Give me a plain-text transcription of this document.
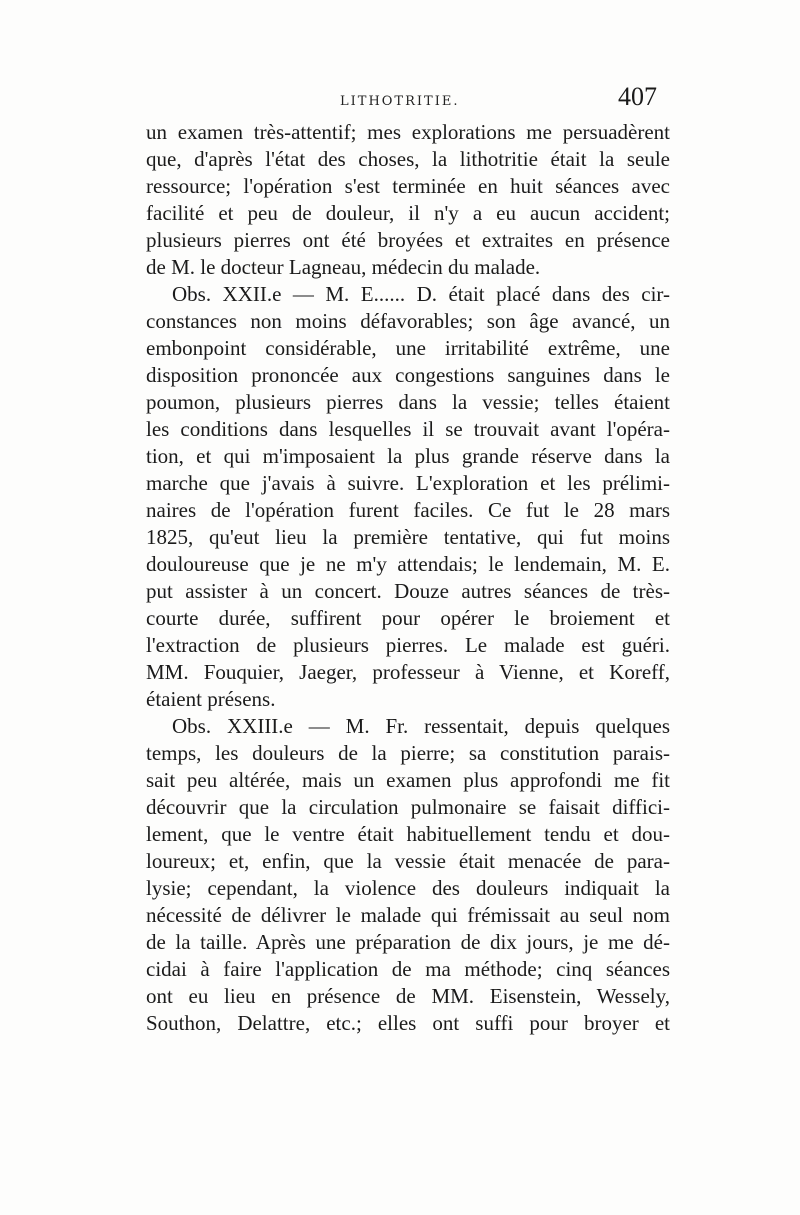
LITHOTRITIE.	407
un examen très-attentif; mes explorations me persuadèrent
que, d'après l'état des choses, la lithotritie était la seule
ressource; l'opération s'est terminée en huit séances avec
facilité et peu de douleur, il n'y a eu aucun accident;
plusieurs pierres ont été broyées et extraites en présence
de M. le docteur Lagneau, médecin du malade.
Obs. XXII.e — M. E...... D. était placé dans des cir-
constances non moins défavorables; son âge avancé, un
embonpoint considérable, une irritabilité extrême, une
disposition prononcée aux congestions sanguines dans le
poumon, plusieurs pierres dans la vessie; telles étaient
les conditions dans lesquelles il se trouvait avant l'opéra-
tion, et qui m'imposaient la plus grande réserve dans la
marche que j'avais à suivre. L'exploration et les prélimi-
naires de l'opération furent faciles. Ce fut le 28 mars
1825, qu'eut lieu la première tentative, qui fut moins
douloureuse que je ne m'y attendais; le lendemain, M. E.
put assister à un concert. Douze autres séances de très-
courte durée, suffirent pour opérer le broiement et
l'extraction de plusieurs pierres. Le malade est guéri.
MM. Fouquier, Jaeger, professeur à Vienne, et Koreff,
étaient présens.
Obs. XXIII.e — M. Fr. ressentait, depuis quelques
temps, les douleurs de la pierre; sa constitution parais-
sait peu altérée, mais un examen plus approfondi me fit
découvrir que la circulation pulmonaire se faisait diffici-
lement, que le ventre était habituellement tendu et dou-
loureux; et, enfin, que la vessie était menacée de para-
lysie; cependant, la violence des douleurs indiquait la
nécessité de délivrer le malade qui frémissait au seul nom
de la taille. Après une préparation de dix jours, je me dé-
cidai à faire l'application de ma méthode; cinq séances
ont eu lieu en présence de MM. Eisenstein, Wessely,
Southon, Delattre, etc.; elles ont suffi pour broyer et
